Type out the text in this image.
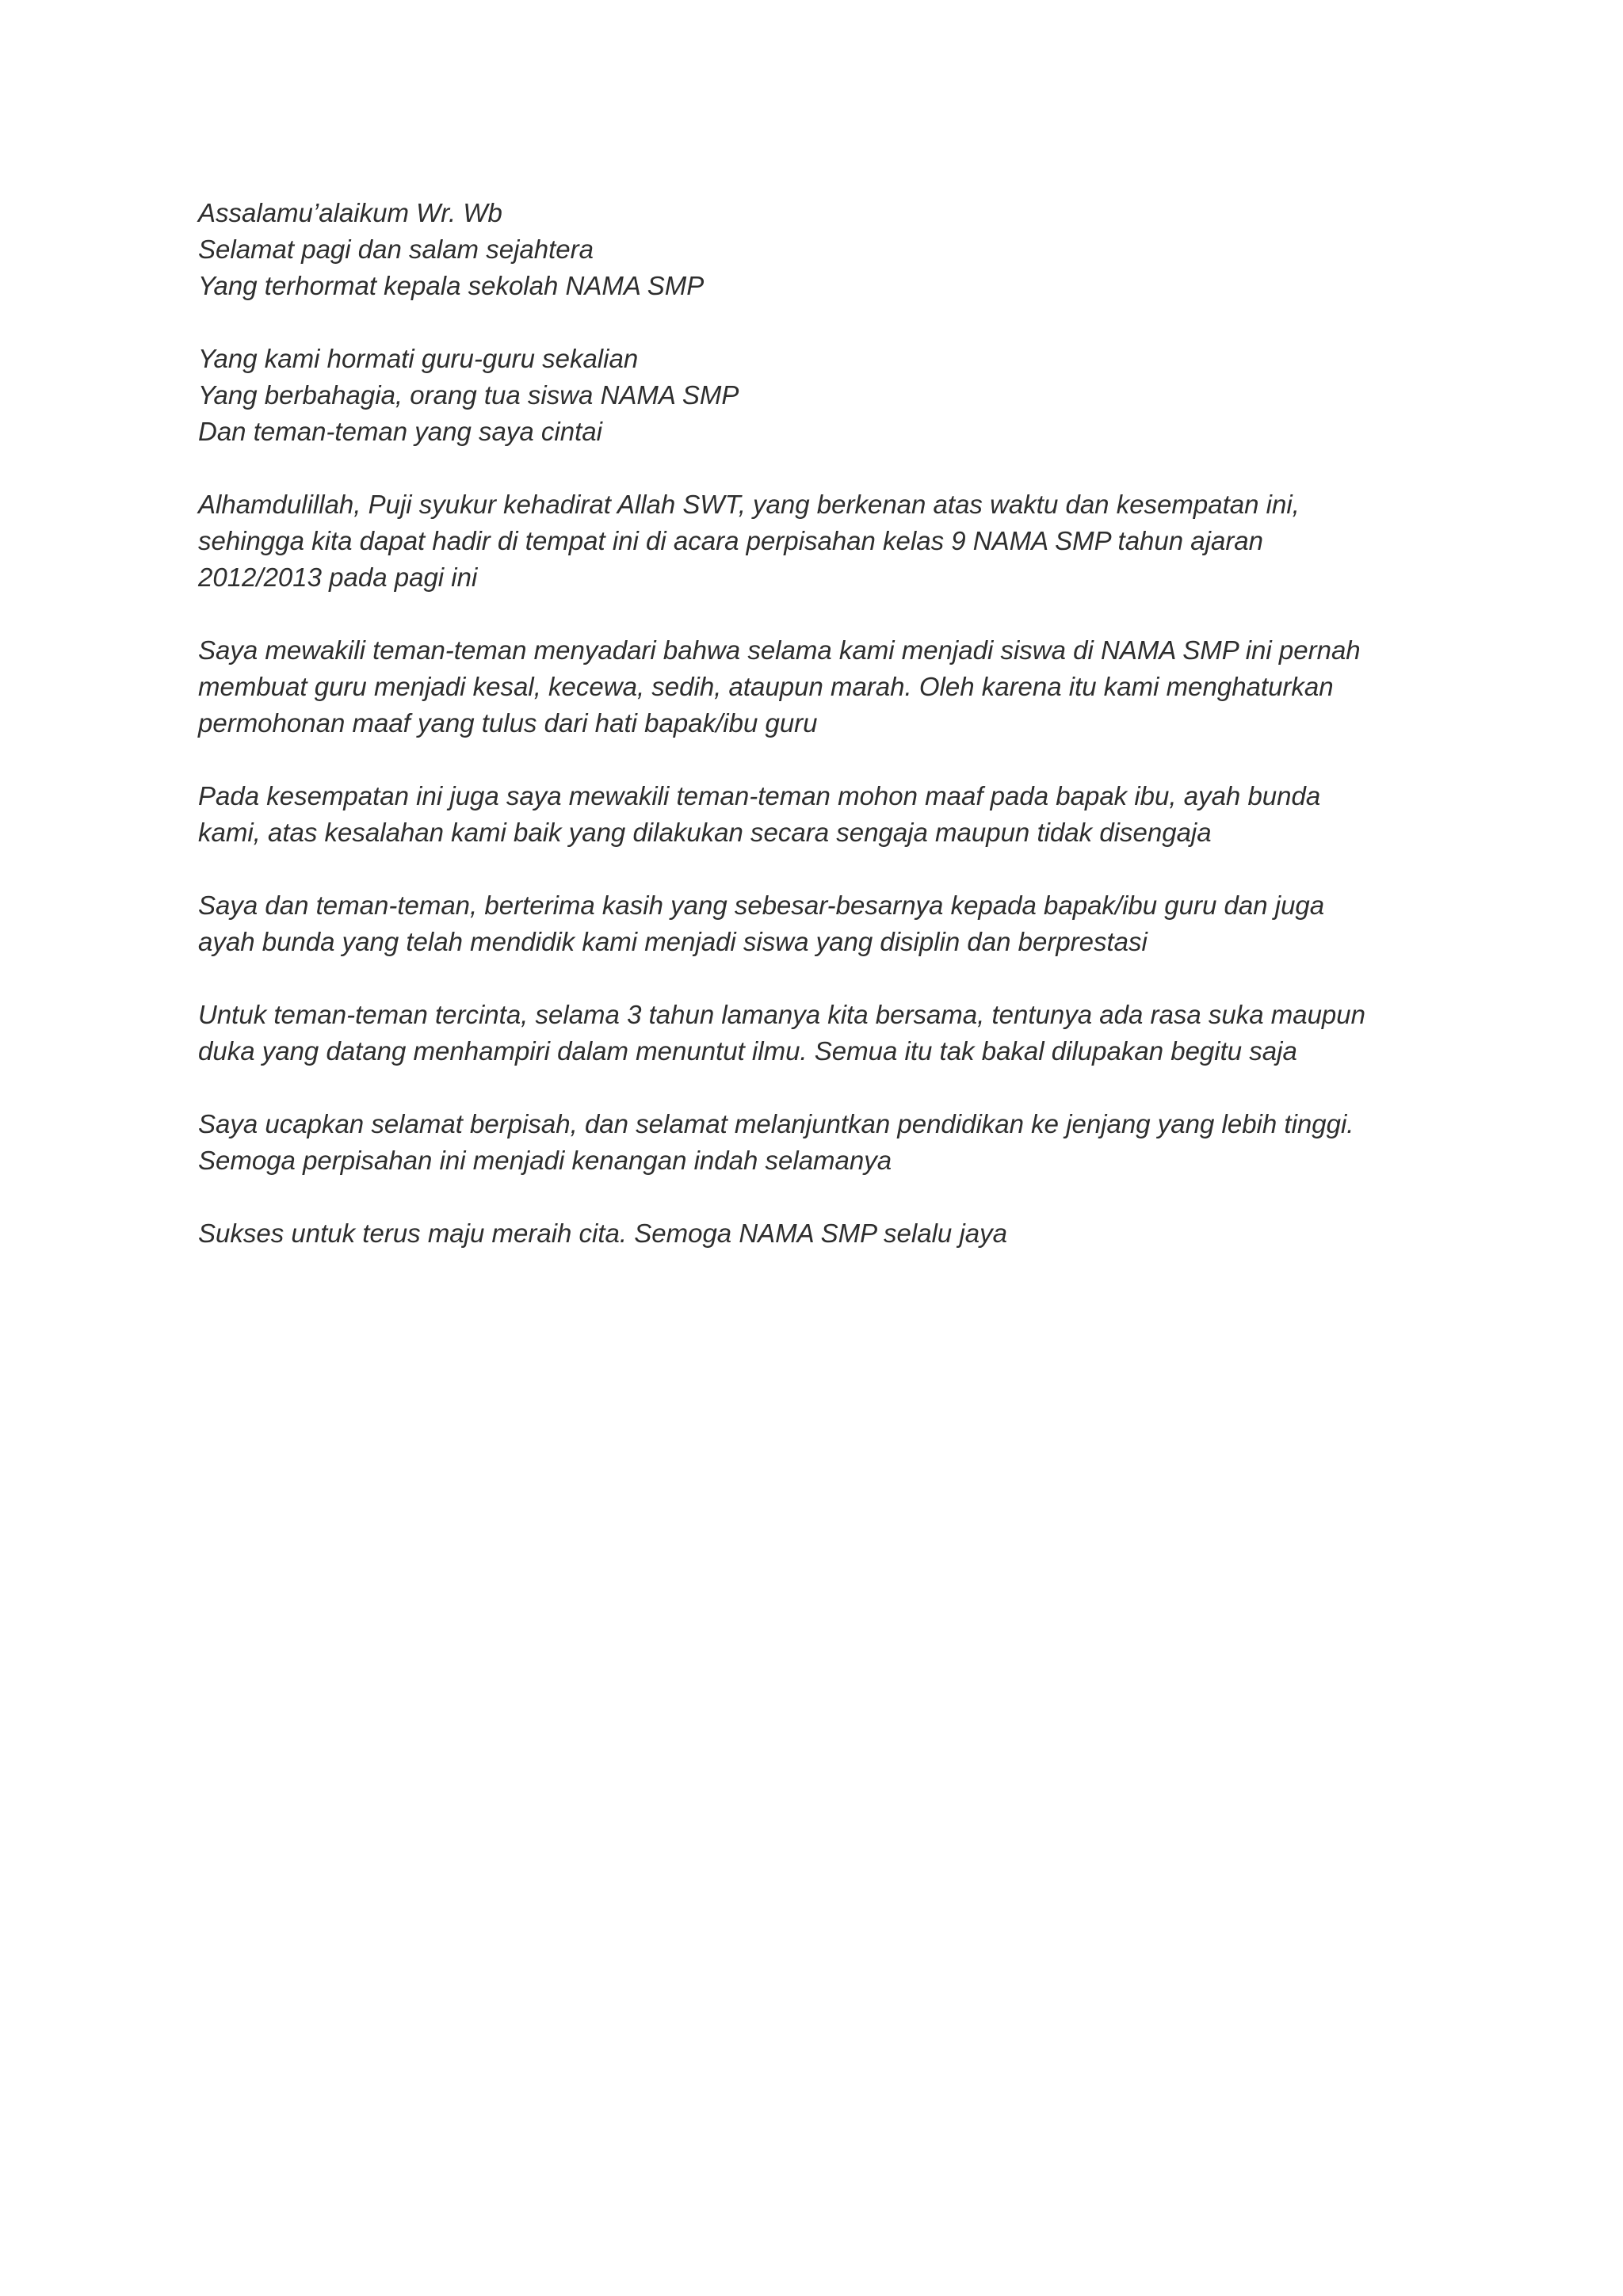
Assalamu’alaikum Wr. Wb
Selamat pagi dan salam sejahtera
Yang terhormat kepala sekolah NAMA SMP

Yang kami hormati guru-guru sekalian
Yang berbahagia, orang tua siswa NAMA SMP
Dan teman-teman yang saya cintai

Alhamdulillah, Puji syukur kehadirat Allah SWT, yang berkenan atas waktu dan kesempatan ini,
sehingga kita dapat hadir di tempat ini di acara perpisahan kelas 9 NAMA SMP tahun ajaran
2012/2013 pada pagi ini

Saya mewakili teman-teman menyadari bahwa selama kami menjadi siswa di NAMA SMP ini pernah
membuat guru menjadi kesal, kecewa, sedih, ataupun marah. Oleh karena itu kami menghaturkan
permohonan maaf yang tulus dari hati bapak/ibu guru

Pada kesempatan ini juga saya mewakili teman-teman mohon maaf pada bapak ibu, ayah bunda
kami, atas kesalahan kami baik yang dilakukan secara sengaja maupun tidak disengaja

Saya dan teman-teman, berterima kasih yang sebesar-besarnya kepada bapak/ibu guru dan juga
ayah bunda yang telah mendidik kami menjadi siswa yang disiplin dan berprestasi

Untuk teman-teman tercinta, selama 3 tahun lamanya kita bersama, tentunya ada rasa suka maupun
duka yang datang menhampiri dalam menuntut ilmu. Semua itu tak bakal dilupakan begitu saja

Saya ucapkan selamat berpisah, dan selamat melanjuntkan pendidikan ke jenjang yang lebih tinggi.
Semoga perpisahan ini menjadi kenangan indah selamanya

Sukses untuk terus maju meraih cita. Semoga NAMA SMP selalu jaya
